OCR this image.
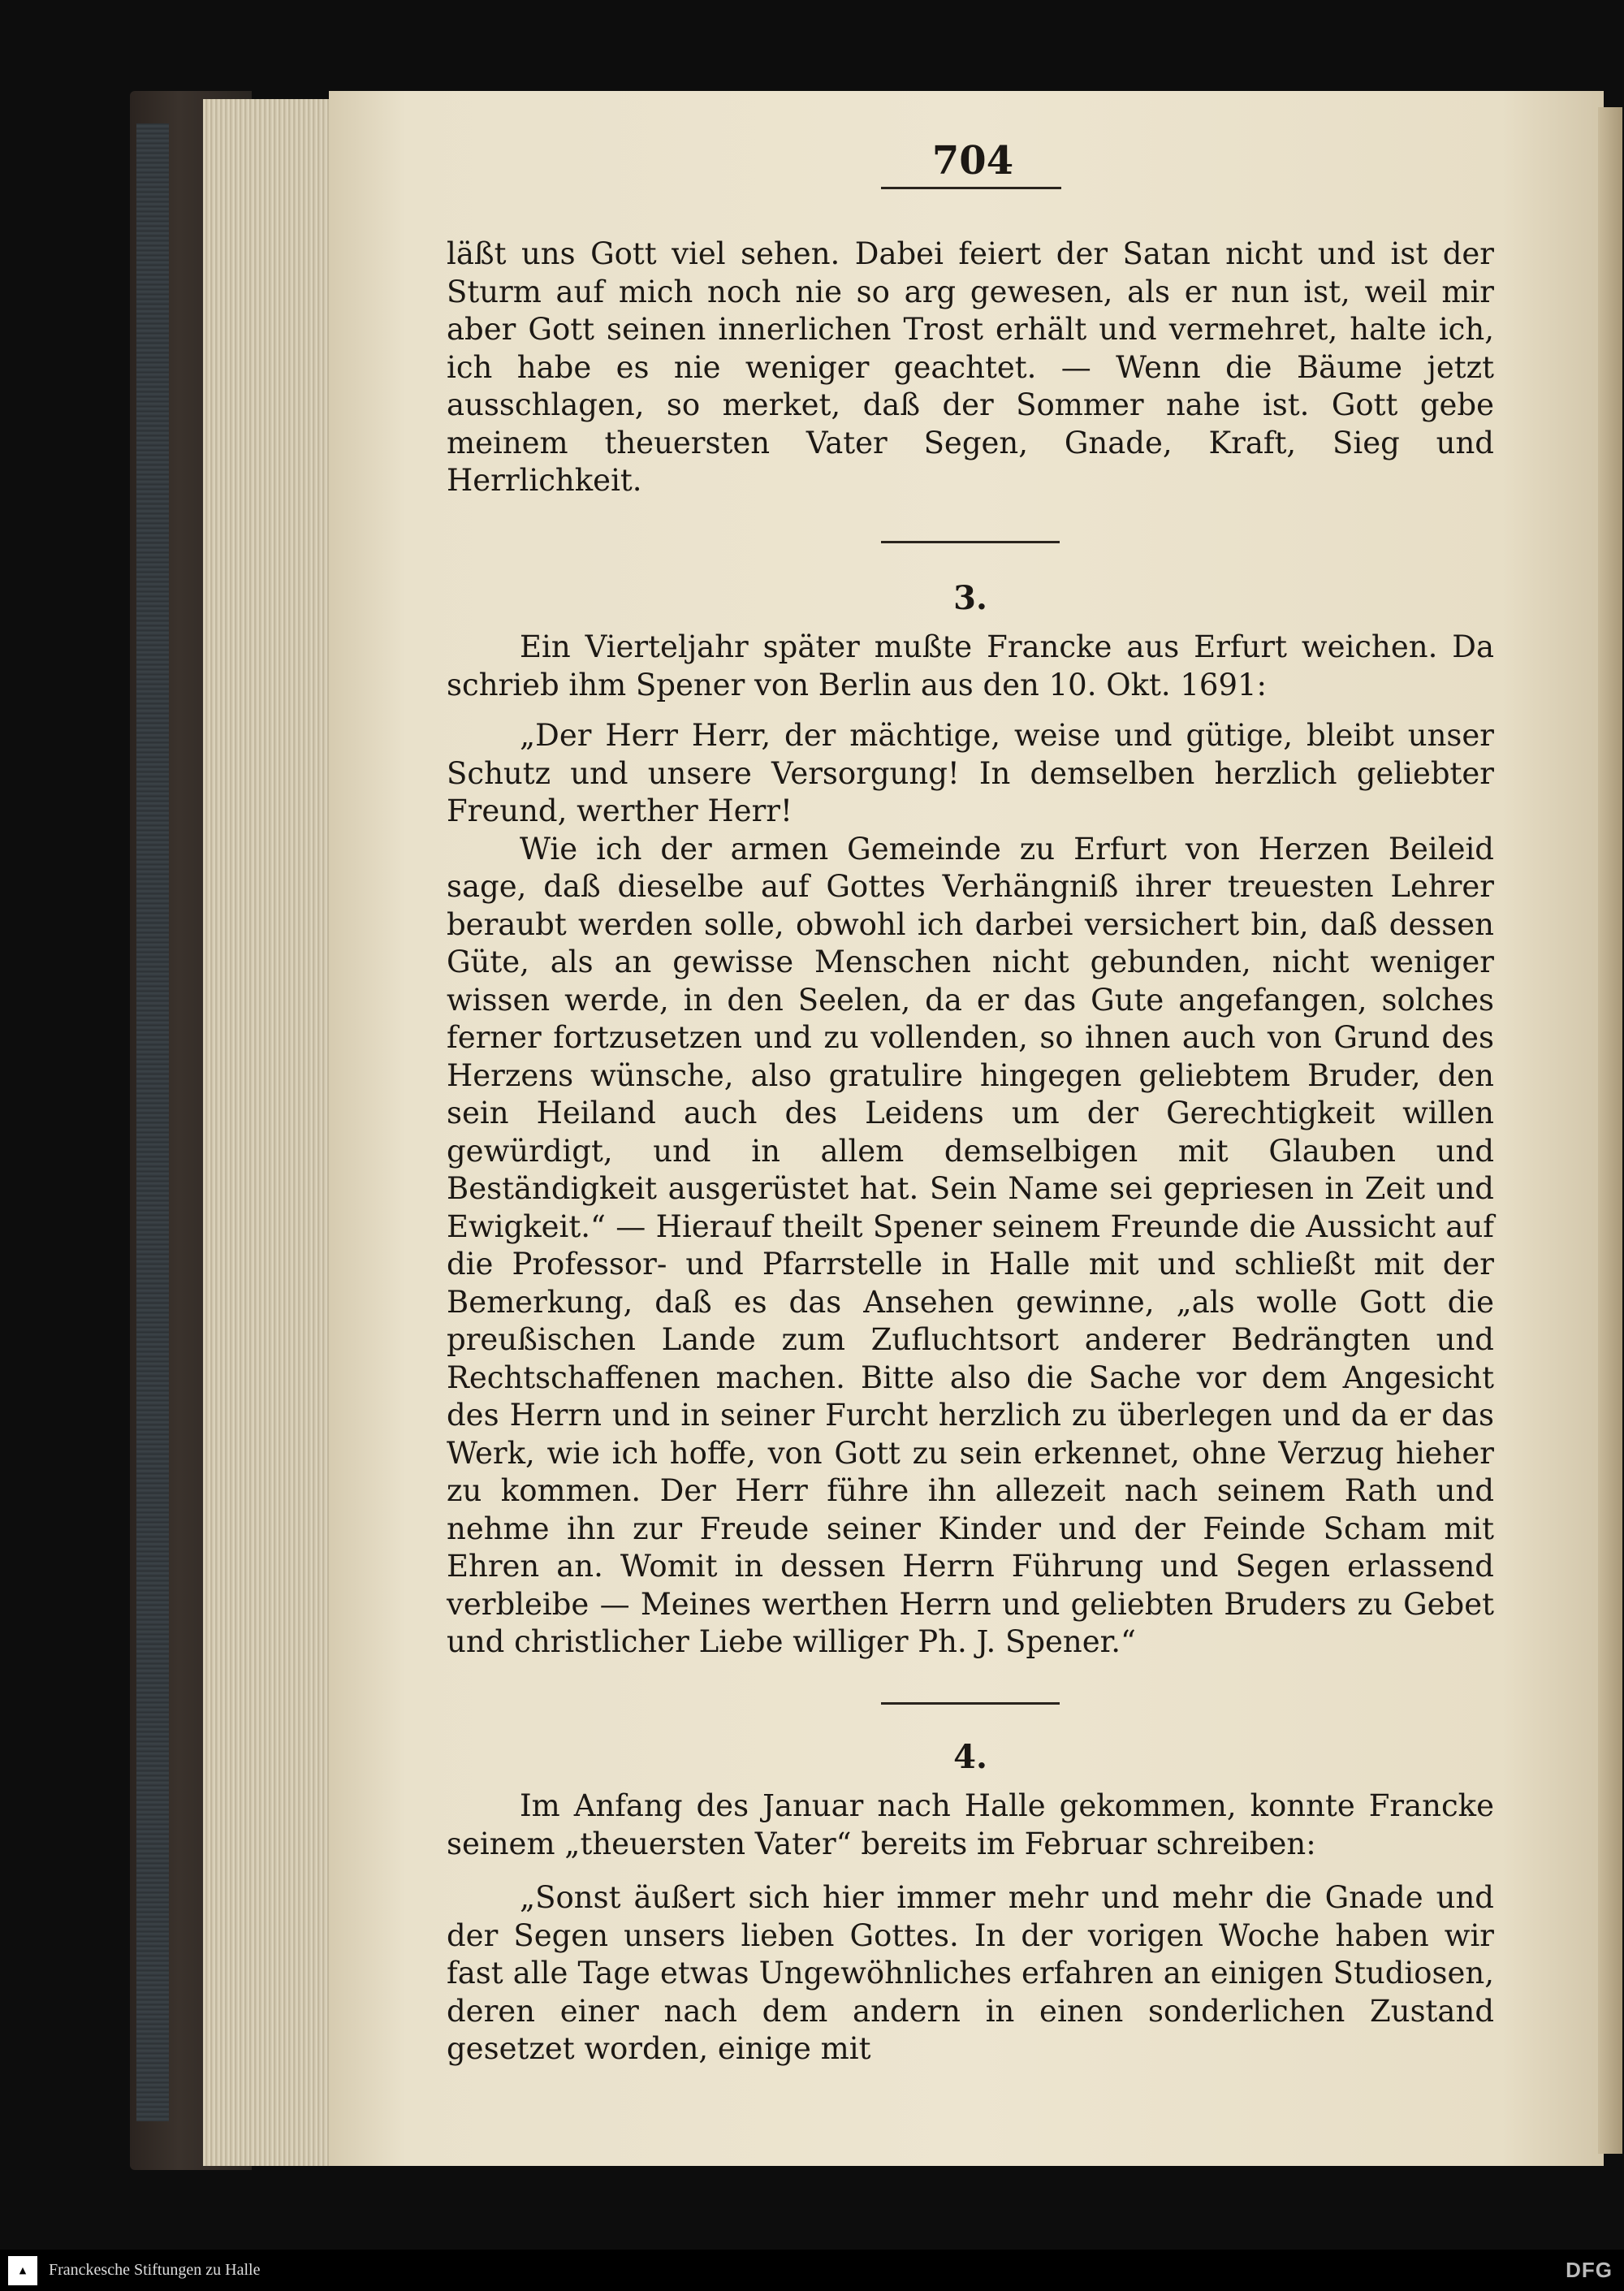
704

läßt uns Gott viel sehen. Dabei feiert der Satan nicht und ist der Sturm auf mich noch nie so arg gewesen, als er nun ist, weil mir aber Gott seinen innerlichen Trost erhält und vermehret, halte ich, ich habe es nie weniger geachtet. — Wenn die Bäume jetzt ausschlagen, so merket, daß der Sommer nahe ist. Gott gebe meinem theuersten Vater Segen, Gnade, Kraft, Sieg und Herrlichkeit.

3.

Ein Vierteljahr später mußte Francke aus Erfurt weichen. Da schrieb ihm Spener von Berlin aus den 10. Okt. 1691:

„Der Herr Herr, der mächtige, weise und gütige, bleibt unser Schutz und unsere Versorgung! In demselben herzlich geliebter Freund, werther Herr!

Wie ich der armen Gemeinde zu Erfurt von Herzen Beileid sage, daß dieselbe auf Gottes Verhängniß ihrer treuesten Lehrer beraubt werden solle, obwohl ich darbei versichert bin, daß dessen Güte, als an gewisse Menschen nicht gebunden, nicht weniger wissen werde, in den Seelen, da er das Gute angefangen, solches ferner fortzusetzen und zu vollenden, so ihnen auch von Grund des Herzens wünsche, also gratulire hingegen geliebtem Bruder, den sein Heiland auch des Leidens um der Gerechtigkeit willen gewürdigt, und in allem demselbigen mit Glauben und Beständigkeit ausgerüstet hat. Sein Name sei gepriesen in Zeit und Ewigkeit.“ — Hierauf theilt Spener seinem Freunde die Aussicht auf die Professor- und Pfarrstelle in Halle mit und schließt mit der Bemerkung, daß es das Ansehen gewinne, „als wolle Gott die preußischen Lande zum Zufluchtsort anderer Bedrängten und Rechtschaffenen machen. Bitte also die Sache vor dem Angesicht des Herrn und in seiner Furcht herzlich zu überlegen und da er das Werk, wie ich hoffe, von Gott zu sein erkennet, ohne Verzug hieher zu kommen. Der Herr führe ihn allezeit nach seinem Rath und nehme ihn zur Freude seiner Kinder und der Feinde Scham mit Ehren an. Womit in dessen Herrn Führung und Segen erlassend verbleibe — Meines werthen Herrn und geliebten Bruders zu Gebet und christlicher Liebe williger Ph. J. Spener.“

4.

Im Anfang des Januar nach Halle gekommen, konnte Francke seinem „theuersten Vater“ bereits im Februar schreiben:

„Sonst äußert sich hier immer mehr und mehr die Gnade und der Segen unsers lieben Gottes. In der vorigen Woche haben wir fast alle Tage etwas Ungewöhnliches erfahren an einigen Studiosen, deren einer nach dem andern in einen sonderlichen Zustand gesetzet worden, einige mit

▲	Franckesche Stiftungen zu Halle	DFG
